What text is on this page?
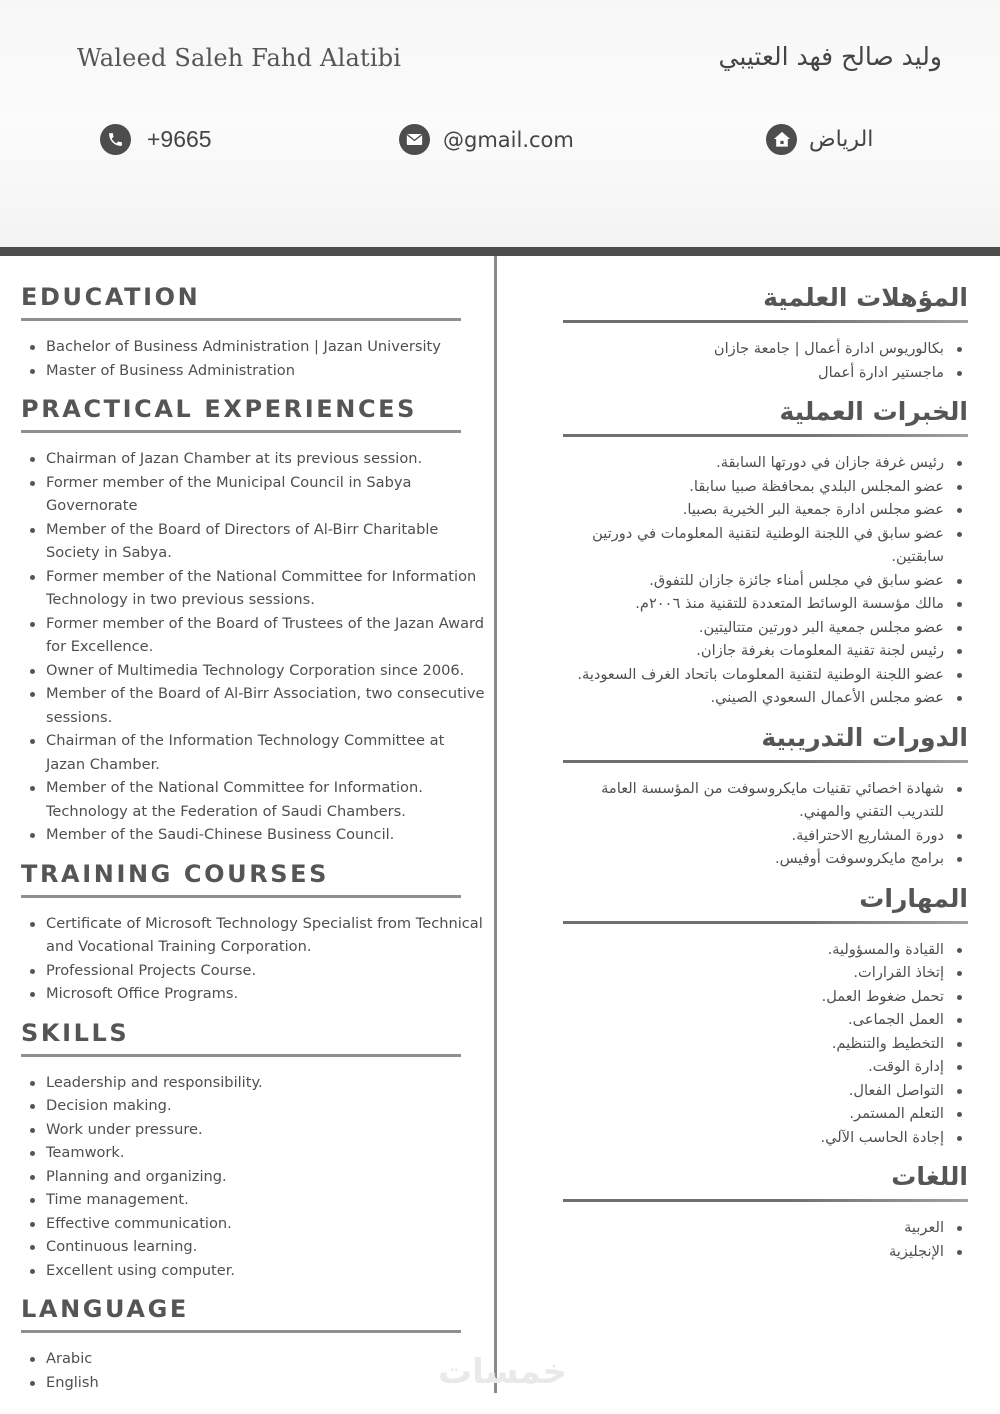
Waleed Saleh Fahd Alatibi	وليد صالح فهد العتيبي
+9665	@gmail.com	الرياض
EDUCATION
Bachelor of Business Administration | Jazan University
Master of Business Administration
PRACTICAL EXPERIENCES
Chairman of Jazan Chamber at its previous session.
Former member of the Municipal Council in Sabya Governorate
Member of the Board of Directors of Al-Birr Charitable Society in Sabya.
Former member of the National Committee for Information Technology in two previous sessions.
Former member of the Board of Trustees of the Jazan Award for Excellence.
Owner of Multimedia Technology Corporation since 2006.
Member of the Board of Al-Birr Association, two consecutive sessions.
Chairman of the Information Technology Committee at Jazan Chamber.
Member of the National Committee for Information. Technology at the Federation of Saudi Chambers.
Member of the Saudi-Chinese Business Council.
TRAINING COURSES
Certificate of Microsoft Technology Specialist from Technical and Vocational Training Corporation.
Professional Projects Course.
Microsoft Office Programs.
SKILLS
Leadership and responsibility.
Decision making.
Work under pressure.
Teamwork.
Planning and organizing.
Time management.
Effective communication.
Continuous learning.
Excellent using computer.
LANGUAGE
Arabic
English
المؤهلات العلمية
بكالوريوس ادارة أعمال | جامعة جازان
ماجستير ادارة أعمال
الخبرات العملية
رئيس غرفة جازان في دورتها السابقة.
عضو المجلس البلدي بمحافظة صبيا سابقا.
عضو مجلس ادارة جمعية البر الخيرية بصبيا.
عضو سابق في اللجنة الوطنية لتقنية المعلومات في دورتين سابقتين.
عضو سابق في مجلس أمناء جائزة جازان للتفوق.
مالك مؤسسة الوسائط المتعددة للتقنية منذ ٢٠٠٦م.
عضو مجلس جمعية البر دورتين متتاليتين.
رئيس لجنة تقنية المعلومات بغرفة جازان.
عضو اللجنة الوطنية لتقنية المعلومات باتحاد الغرف السعودية.
عضو مجلس الأعمال السعودي الصيني.
الدورات التدريبية
شهادة اخصائي تقنيات مايكروسوفت من المؤسسة العامة للتدريب التقني والمهني.
دورة المشاريع الاحترافية.
برامج مايكروسوفت أوفيس.
المهارات
القيادة والمسؤولية.
إتخاذ القرارات.
تحمل ضغوط العمل.
العمل الجماعى.
التخطيط والتنظيم.
إدارة الوقت.
التواصل الفعال.
التعلم المستمر.
إجادة الحاسب الآلي.
اللغات
العربية
الإنجليزية
خمسات
